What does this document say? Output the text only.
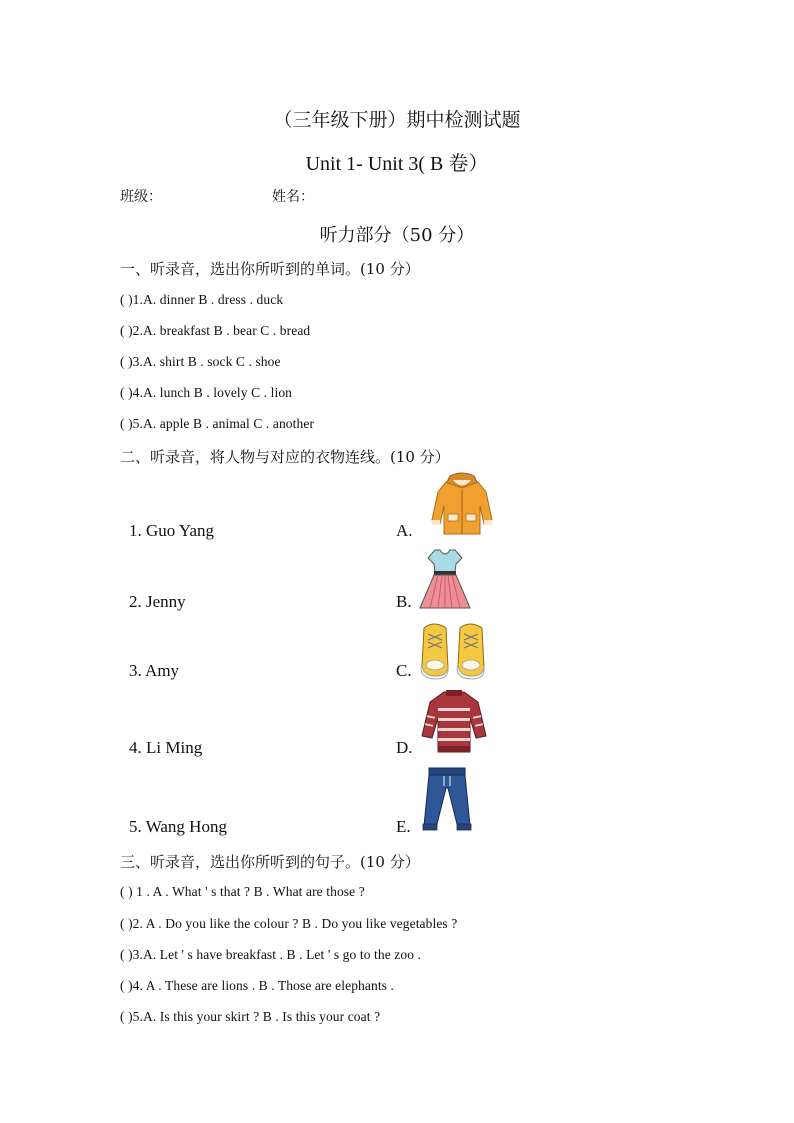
（三年级下册）期中检测试题
Unit 1- Unit 3( B 卷）
班级：	姓名：
听力部分（50 分）
一、听录音，选出你所听到的单词。(10 分）
( )1.A. dinner B . dress . duck
( )2.A. breakfast B . bear C . bread
( )3.A. shirt B . sock C . shoe
( )4.A. lunch B . lovely C . lion
( )5.A. apple B . animal C . another
二、听录音，将人物与对应的衣物连线。(10 分）
1. Guo Yang
2. Jenny
3. Amy
4. Li Ming
5. Wang Hong
A.
B.
C.
D.
E.
三、听录音，选出你所听到的句子。(10 分）
( ) 1 . A . What ' s that ? B . What are those ?
( )2. A . Do you like the colour ? B . Do you like vegetables ?
( )3.A. Let ' s have breakfast . B . Let ' s go to the zoo .
( )4. A . These are lions . B . Those are elephants .
( )5.A. Is this your skirt ? B . Is this your coat ?
